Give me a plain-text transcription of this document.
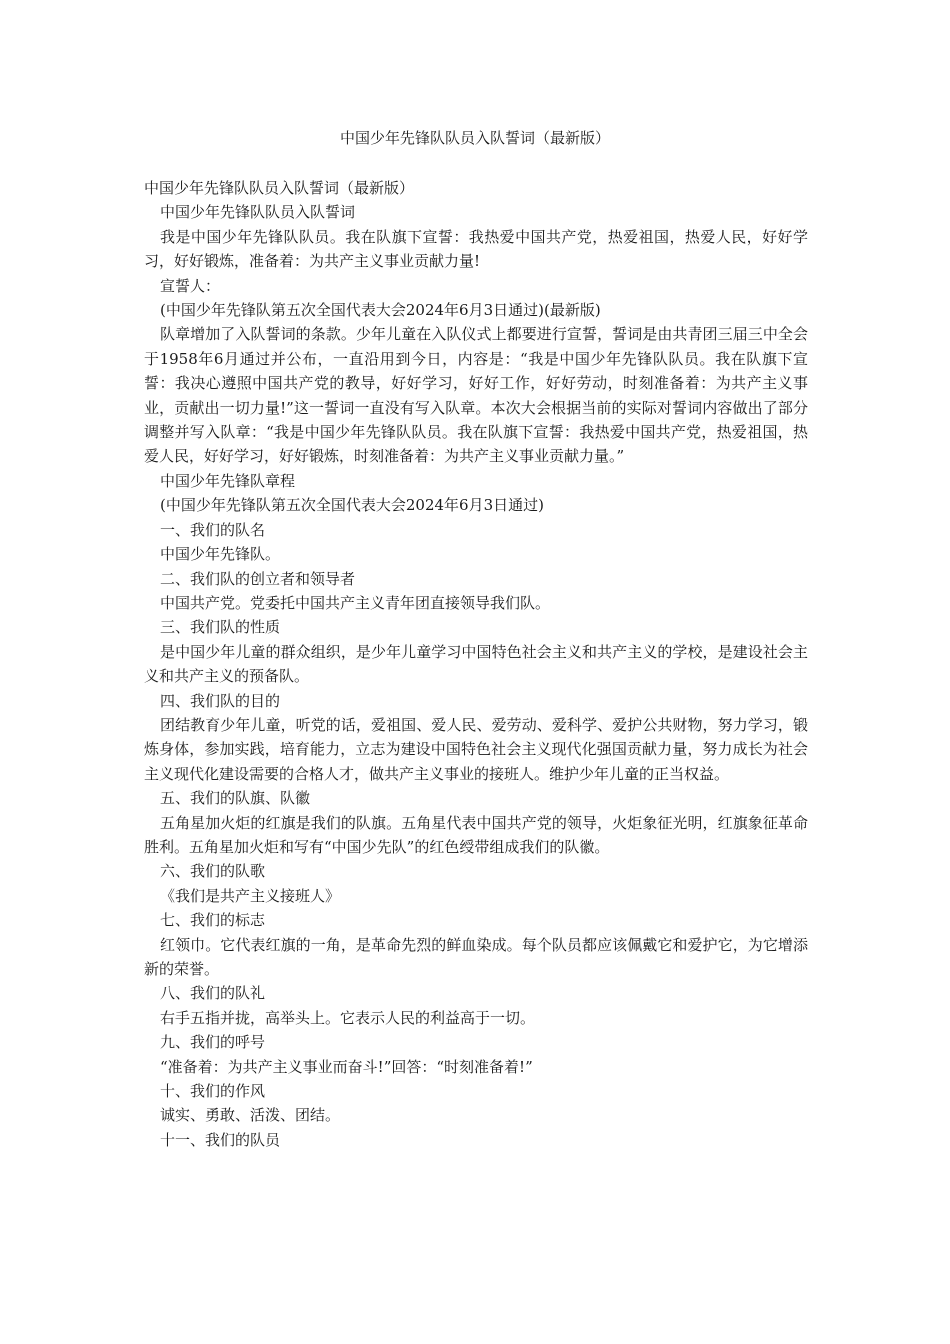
中国少年先锋队队员入队誓词（最新版）

中国少年先锋队队员入队誓词（最新版）

中国少年先锋队队员入队誓词

我是中国少年先锋队队员。我在队旗下宣誓：我热爱中国共产党，热爱祖国，热爱人民，好好学习，好好锻炼，准备着：为共产主义事业贡献力量!

宣誓人：

(中国少年先锋队第五次全国代表大会2024年6月3日通过)(最新版)

队章增加了入队誓词的条款。少年儿童在入队仪式上都要进行宣誓，誓词是由共青团三届三中全会于1958年6月通过并公布，一直沿用到今日，内容是：“我是中国少年先锋队队员。我在队旗下宣誓：我决心遵照中国共产党的教导，好好学习，好好工作，好好劳动，时刻准备着：为共产主义事业，贡献出一切力量!”这一誓词一直没有写入队章。本次大会根据当前的实际对誓词内容做出了部分调整并写入队章：“我是中国少年先锋队队员。我在队旗下宣誓：我热爱中国共产党，热爱祖国，热爱人民，好好学习，好好锻炼，时刻准备着：为共产主义事业贡献力量。”

中国少年先锋队章程

(中国少年先锋队第五次全国代表大会2024年6月3日通过)

一、我们的队名

中国少年先锋队。

二、我们队的创立者和领导者

中国共产党。党委托中国共产主义青年团直接领导我们队。

三、我们队的性质

是中国少年儿童的群众组织，是少年儿童学习中国特色社会主义和共产主义的学校，是建设社会主义和共产主义的预备队。

四、我们队的目的

团结教育少年儿童，听党的话，爱祖国、爱人民、爱劳动、爱科学、爱护公共财物，努力学习，锻炼身体，参加实践，培育能力，立志为建设中国特色社会主义现代化强国贡献力量，努力成长为社会主义现代化建设需要的合格人才，做共产主义事业的接班人。维护少年儿童的正当权益。

五、我们的队旗、队徽

五角星加火炬的红旗是我们的队旗。五角星代表中国共产党的领导，火炬象征光明，红旗象征革命胜利。五角星加火炬和写有“中国少先队”的红色绶带组成我们的队徽。

六、我们的队歌

《我们是共产主义接班人》

七、我们的标志

红领巾。它代表红旗的一角，是革命先烈的鲜血染成。每个队员都应该佩戴它和爱护它，为它增添新的荣誉。

八、我们的队礼

右手五指并拢，高举头上。它表示人民的利益高于一切。

九、我们的呼号

“准备着：为共产主义事业而奋斗!”回答：“时刻准备着!”

十、我们的作风

诚实、勇敢、活泼、团结。

十一、我们的队员
